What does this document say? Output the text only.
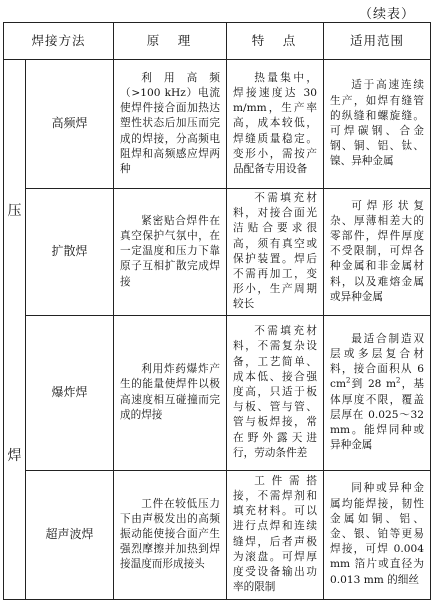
（续表）
焊接方法		原　理	特　点	适用范围

压
焊	高频焊	利用高频（>100 kHz）电流使焊件接合面加热达塑性状态后加压而完成的焊接，分高频电阻焊和高频感应焊两种	热量集中，焊接速度达 30 m/mm，生产率高，成本较低，焊缝质量稳定。变形小，需按产品配备专用设备	适于高速连续生产，如焊有缝管的纵缝和螺旋缝。可焊碳钢、合金钢、铜、铝、钛、镍、异种金属
	扩散焊	紧密贴合焊件在真空保护气氛中，在一定温度和压力下靠原子互相扩散完成焊接	不需填充材料，对接合面光洁贴合要求很高，须有真空或保护装置。焊后不需再加工，变形小，生产周期较长	可焊形状复杂、厚薄相差大的零部件，焊件厚度不受限制，可焊各种金属和非金属材料，以及难熔金属或异种金属
	爆炸焊	利用炸药爆炸产生的能量使焊件以极高速度相互碰撞而完成的焊接	不需填充材料，不需复杂设备，工艺简单、成本低、接合强度高，只适于板与板、管与管、管与板焊接，常在野外露天进行，劳动条件差	最适合制造双层或多层复合材料，接合面积从 6 $cm^2$到 28 $m^2$，基体厚度不限，覆盖层厚在 0.025～32 mm。能焊同种或异种金属
	超声波焊	工件在较低压力下由声极发出的高频振动能使接合面产生强烈摩擦并加热到焊接温度而形成接头	工件需搭接，不需焊剂和填充材料。可以进行点焊和连续缝焊，后者声极为滚盘。可焊厚度受设备输出功率的限制	同种或异种金属均能焊接，韧性金属如铜、铝、金、银、铂等更易焊接，可焊 0.004 mm 箔片或直径为 0.013 mm 的细丝
